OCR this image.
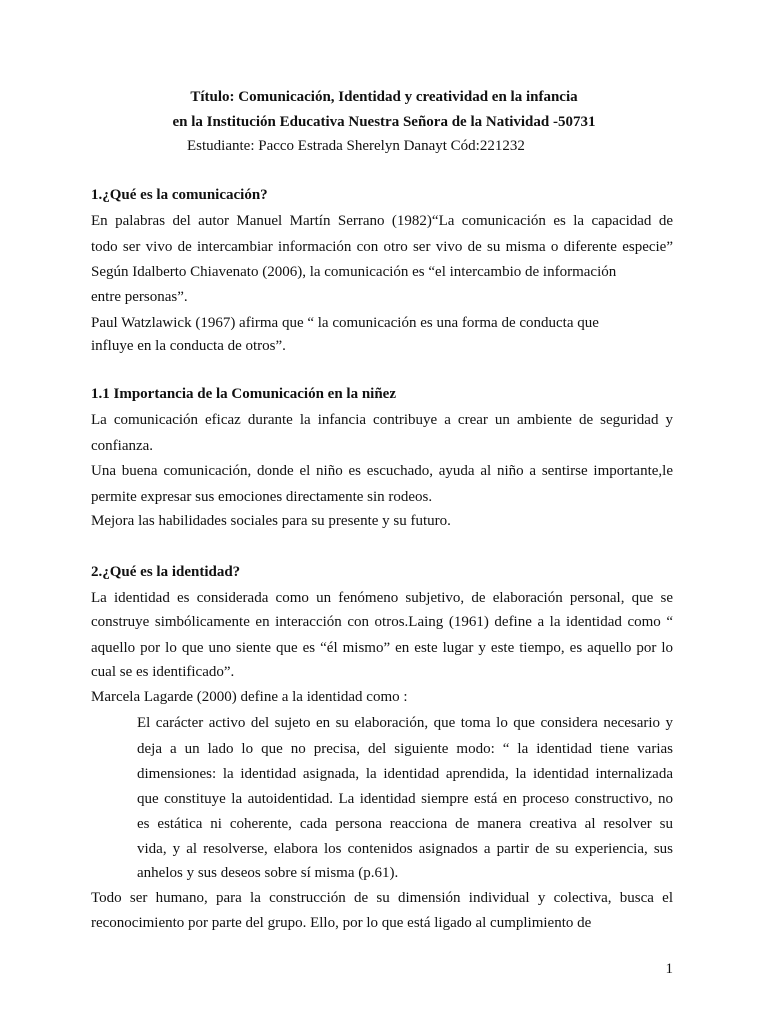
Título: Comunicación, Identidad y creatividad en la infancia
en la Institución Educativa Nuestra Señora de la Natividad -50731
Estudiante: Pacco Estrada Sherelyn Danayt Cód:221232
1.¿Qué es la comunicación?
En palabras del autor Manuel Martín Serrano (1982)“La comunicación es la capacidad de
todo ser vivo de intercambiar información con otro ser vivo de su misma o diferente especie”
Según Idalberto Chiavenato (2006), la comunicación es “el intercambio de información
entre personas”.
Paul Watzlawick (1967) afirma que “ la comunicación es una forma de conducta que
influye en la conducta de otros”.
1.1 Importancia de la Comunicación en la niñez
La comunicación eficaz durante la infancia contribuye a crear un ambiente de seguridad y
confianza.
Una buena comunicación, donde el niño es escuchado, ayuda al niño a sentirse importante,le
permite expresar sus emociones directamente sin rodeos.
Mejora las habilidades sociales para su presente y su futuro.
2.¿Qué es la identidad?
La identidad es considerada como un fenómeno subjetivo, de elaboración personal, que se
construye simbólicamente en interacción con otros.Laing (1961) define a la identidad como “
aquello por lo que uno siente que es “él mismo” en este lugar y este tiempo, es aquello por lo
cual se es identificado”.
Marcela Lagarde (2000) define a la identidad como :
El carácter activo del sujeto en su elaboración, que toma lo que considera necesario y
deja a un lado lo que no precisa, del siguiente modo: “ la identidad tiene varias
dimensiones: la identidad asignada, la identidad aprendida, la identidad internalizada
que constituye la autoidentidad. La identidad siempre está en proceso constructivo, no
es estática ni coherente, cada persona reacciona de manera creativa al resolver su
vida, y al resolverse, elabora los contenidos asignados a partir de su experiencia, sus
anhelos y sus deseos sobre sí misma (p.61).
Todo ser humano, para la construcción de su dimensión individual y colectiva, busca el
reconocimiento por parte del grupo. Ello, por lo que está ligado al cumplimiento de
1
